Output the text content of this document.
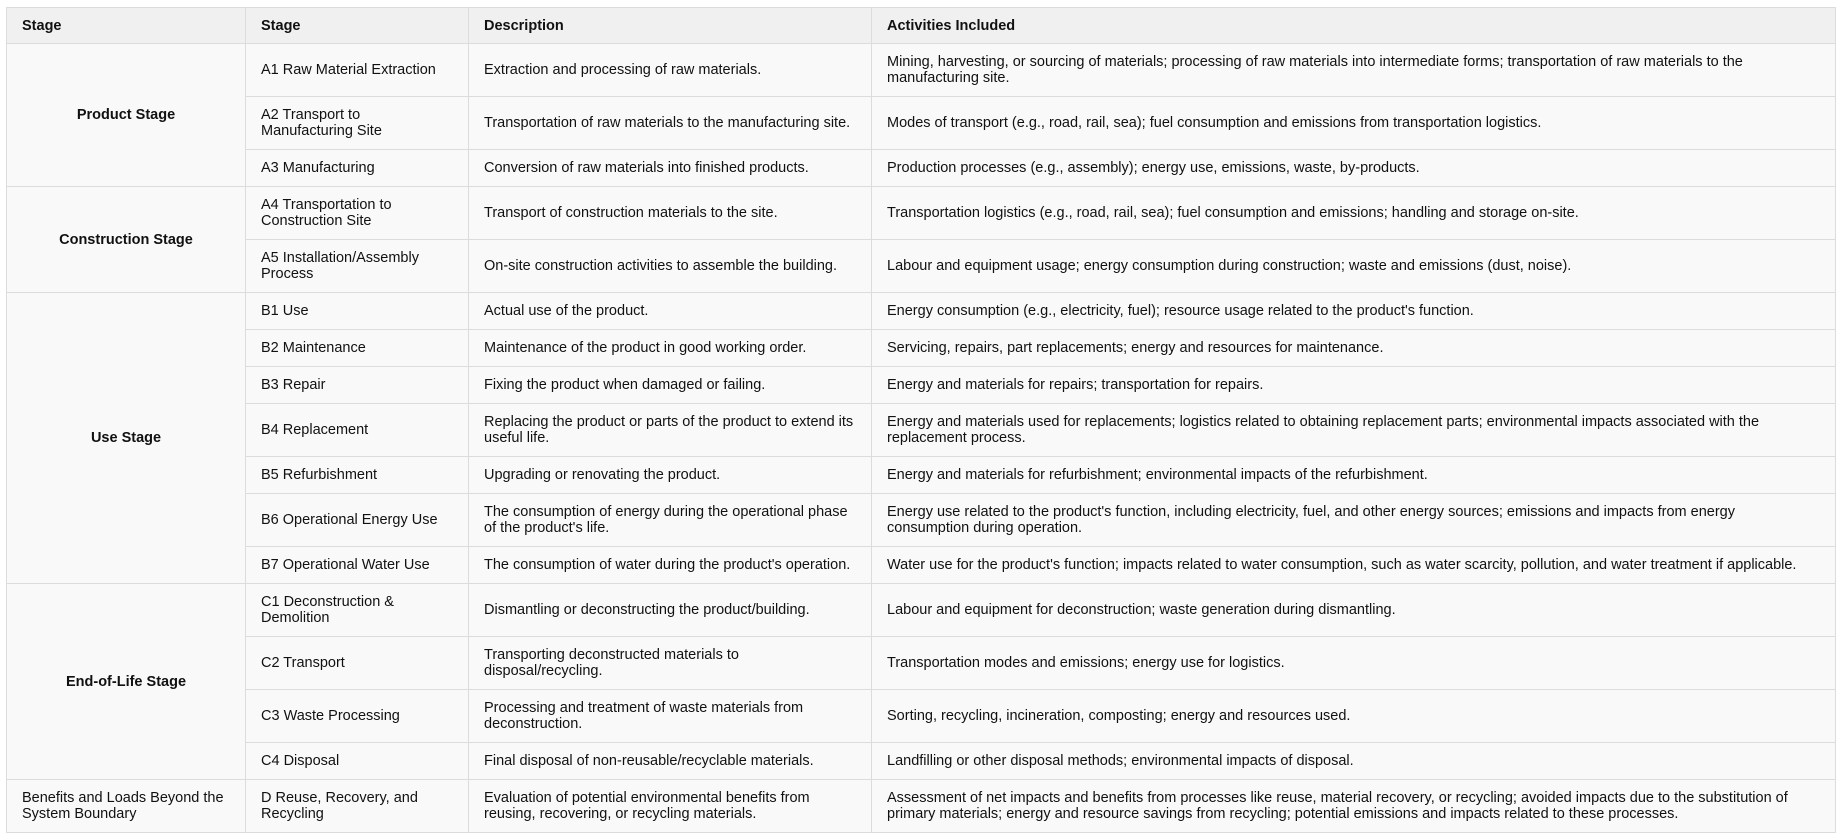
Stage	Stage	Description	Activities Included
Product Stage	A1 Raw Material Extraction	Extraction and processing of raw materials.	Mining, harvesting, or sourcing of materials; processing of raw materials into intermediate forms; transportation of raw materials to the manufacturing site.
	A2 Transport to Manufacturing Site	Transportation of raw materials to the manufacturing site.	Modes of transport (e.g., road, rail, sea); fuel consumption and emissions from transportation logistics.
	A3 Manufacturing	Conversion of raw materials into finished products.	Production processes (e.g., assembly); energy use, emissions, waste, by-products.
Construction Stage	A4 Transportation to Construction Site	Transport of construction materials to the site.	Transportation logistics (e.g., road, rail, sea); fuel consumption and emissions; handling and storage on-site.
	A5 Installation/Assembly Process	On-site construction activities to assemble the building.	Labour and equipment usage; energy consumption during construction; waste and emissions (dust, noise).
Use Stage	B1 Use	Actual use of the product.	Energy consumption (e.g., electricity, fuel); resource usage related to the product's function.
	B2 Maintenance	Maintenance of the product in good working order.	Servicing, repairs, part replacements; energy and resources for maintenance.
	B3 Repair	Fixing the product when damaged or failing.	Energy and materials for repairs; transportation for repairs.
	B4 Replacement	Replacing the product or parts of the product to extend its useful life.	Energy and materials used for replacements; logistics related to obtaining replacement parts; environmental impacts associated with the replacement process.
	B5 Refurbishment	Upgrading or renovating the product.	Energy and materials for refurbishment; environmental impacts of the refurbishment.
	B6 Operational Energy Use	The consumption of energy during the operational phase of the product's life.	Energy use related to the product's function, including electricity, fuel, and other energy sources; emissions and impacts from energy consumption during operation.
	B7 Operational Water Use	The consumption of water during the product's operation.	Water use for the product's function; impacts related to water consumption, such as water scarcity, pollution, and water treatment if applicable.
End-of-Life Stage	C1 Deconstruction & Demolition	Dismantling or deconstructing the product/building.	Labour and equipment for deconstruction; waste generation during dismantling.
	C2 Transport	Transporting deconstructed materials to disposal/recycling.	Transportation modes and emissions; energy use for logistics.
	C3 Waste Processing	Processing and treatment of waste materials from deconstruction.	Sorting, recycling, incineration, composting; energy and resources used.
	C4 Disposal	Final disposal of non-reusable/recyclable materials.	Landfilling or other disposal methods; environmental impacts of disposal.
Benefits and Loads Beyond the System Boundary	D Reuse, Recovery, and Recycling	Evaluation of potential environmental benefits from reusing, recovering, or recycling materials.	Assessment of net impacts and benefits from processes like reuse, material recovery, or recycling; avoided impacts due to the substitution of primary materials; energy and resource savings from recycling; potential emissions and impacts related to these processes.
